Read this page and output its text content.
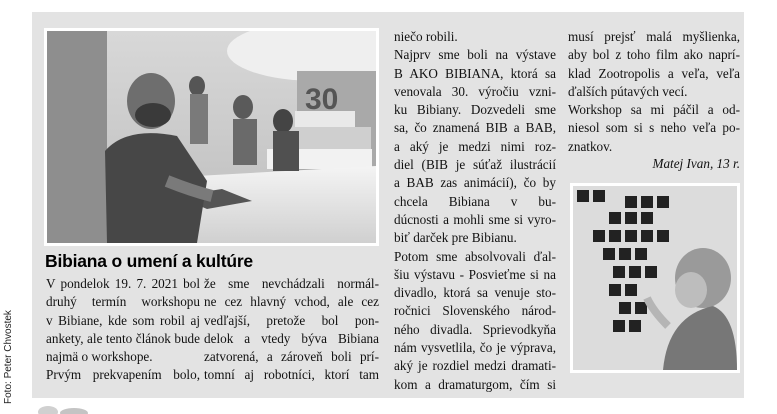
30
Foto: Peter Chvostek
Bibiana o umení a kultúre
V pondelok 19. 7. 2021 bol
druhý termín workshopu
v Bibiane, kde som robil aj
ankety, ale tento článok bude
najmä o workshope.
Prvým prekvapením bolo,
že sme nevchádzali normál-
ne cez hlavný vchod, ale cez
vedľajší, pretože bol pon-
delok a vtedy býva Bibiana
zatvorená, a zároveň boli prí-
tomní aj robotníci, ktorí tam
niečo robili.
Najprv sme boli na výstave
B AKO BIBIANA, ktorá sa
venovala 30. výročiu vzni-
ku Bibiany. Dozvedeli sme
sa, čo znamená BIB a BAB,
a aký je medzi nimi roz-
diel (BIB je súťaž ilustrácií
a BAB zas animácií), čo by
chcela Bibiana v bu-
dúcnosti a mohli sme si vyro-
biť darček pre Bibianu.
Potom sme absolvovali ďal-
šiu výstavu - Posvieťme si na
divadlo, ktorá sa venuje sto-
ročnici Slovenského národ-
ného divadla. Sprievodkyňa
nám vysvetlila, čo je výprava,
aký je rozdiel medzi dramati-
kom a dramaturgom, čím si
musí prejsť malá myšlienka,
aby bol z toho film ako naprí-
klad Zootropolis a veľa, veľa
ďalších pútavých vecí.
Workshop sa mi páčil a od-
niesol som si s neho veľa po-
znatkov.
Matej Ivan, 13 r.
